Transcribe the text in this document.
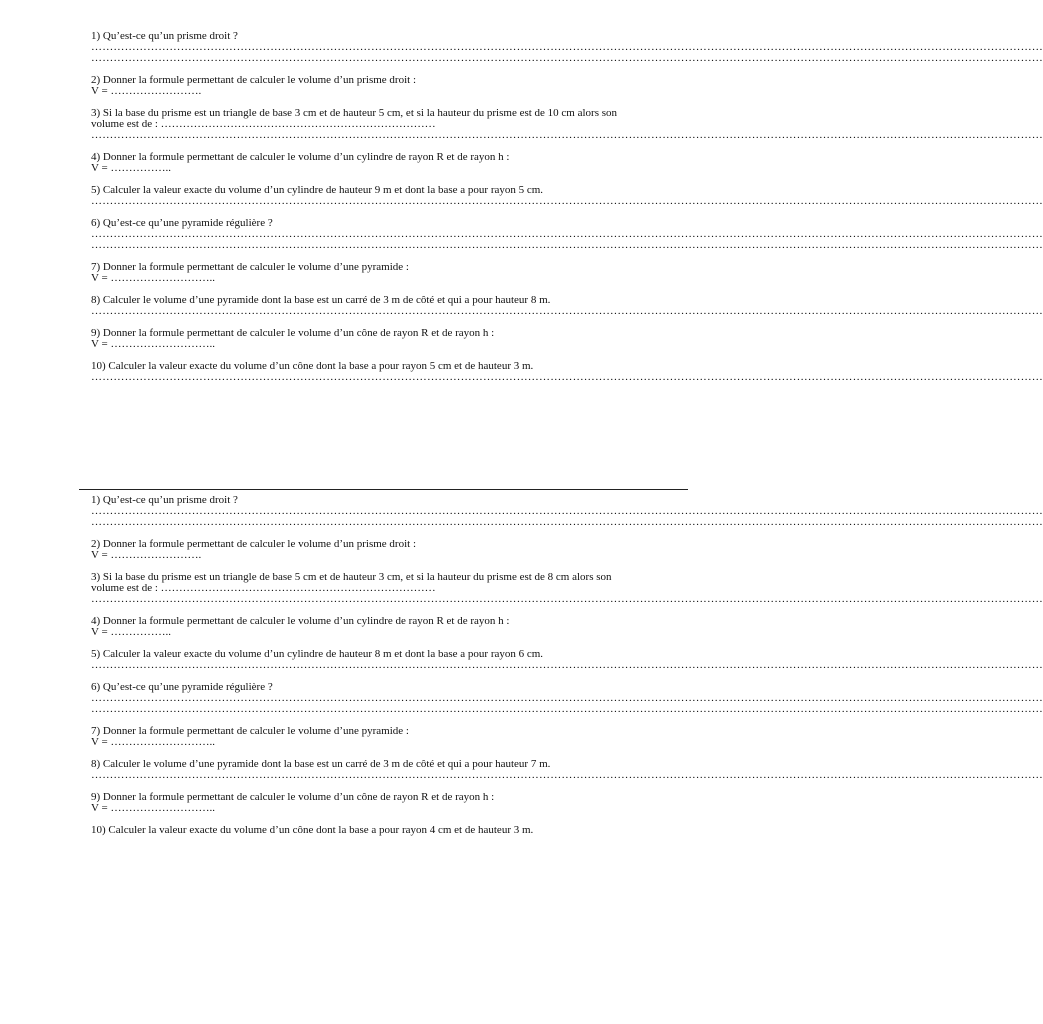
1) Qu’est-ce qu’un prisme droit ?
…………………………………………………………………………………………………………………………………………………………………………………………………………………………………
…………………………………………………………………………………………………………………………………………………………………………………………………………………………………
2) Donner la formule permettant de calculer le volume d’un prisme droit :
V = …………………….
3) Si la base du prisme est un triangle de base 3 cm et de hauteur 5 cm, et si la hauteur du prisme est de 10 cm alors son
volume est de : …………………………………………………………………
…………………………………………………………………………………………………………………………………………………………………………………………………………………………………
4) Donner la formule permettant de calculer le volume d’un cylindre de rayon R et de rayon h :
V = ……………..
5) Calculer la valeur exacte du volume d’un cylindre de hauteur 9 m et dont la base a pour rayon 5 cm.
…………………………………………………………………………………………………………………………………………………………………………………………………………………………………
6) Qu’est-ce qu’une pyramide régulière ?
…………………………………………………………………………………………………………………………………………………………………………………………………………………………………
…………………………………………………………………………………………………………………………………………………………………………………………………………………………………
7) Donner la formule permettant de calculer le volume d’une pyramide :
V = ………………………..
8) Calculer le volume d’une pyramide dont la base est un carré de 3 m de côté et qui a pour hauteur 8 m.
…………………………………………………………………………………………………………………………………………………………………………………………………………………………………
9) Donner la formule permettant de calculer le volume d’un cône de rayon R et de rayon h :
V = ………………………..
10) Calculer la valeur exacte du volume d’un cône dont la base a pour rayon 5 cm et de hauteur 3 m.
…………………………………………………………………………………………………………………………………………………………………………………………………………………………………
1) Qu’est-ce qu’un prisme droit ?
…………………………………………………………………………………………………………………………………………………………………………………………………………………………………
…………………………………………………………………………………………………………………………………………………………………………………………………………………………………
2) Donner la formule permettant de calculer le volume d’un prisme droit :
V = …………………….
3) Si la base du prisme est un triangle de base 5 cm et de hauteur 3 cm, et si la hauteur du prisme est de 8 cm alors son
volume est de : …………………………………………………………………
…………………………………………………………………………………………………………………………………………………………………………………………………………………………………
4) Donner la formule permettant de calculer le volume d’un cylindre de rayon R et de rayon h :
V = ……………..
5) Calculer la valeur exacte du volume d’un cylindre de hauteur 8 m et dont la base a pour rayon 6 cm.
…………………………………………………………………………………………………………………………………………………………………………………………………………………………………
6) Qu’est-ce qu’une pyramide régulière ?
…………………………………………………………………………………………………………………………………………………………………………………………………………………………………
…………………………………………………………………………………………………………………………………………………………………………………………………………………………………
7) Donner la formule permettant de calculer le volume d’une pyramide :
V = ………………………..
8) Calculer le volume d’une pyramide dont la base est un carré de 3 m de côté et qui a pour hauteur 7 m.
…………………………………………………………………………………………………………………………………………………………………………………………………………………………………
9) Donner la formule permettant de calculer le volume d’un cône de rayon R et de rayon h :
V = ………………………..
10) Calculer la valeur exacte du volume d’un cône dont la base a pour rayon 4 cm et de hauteur 3 m.
